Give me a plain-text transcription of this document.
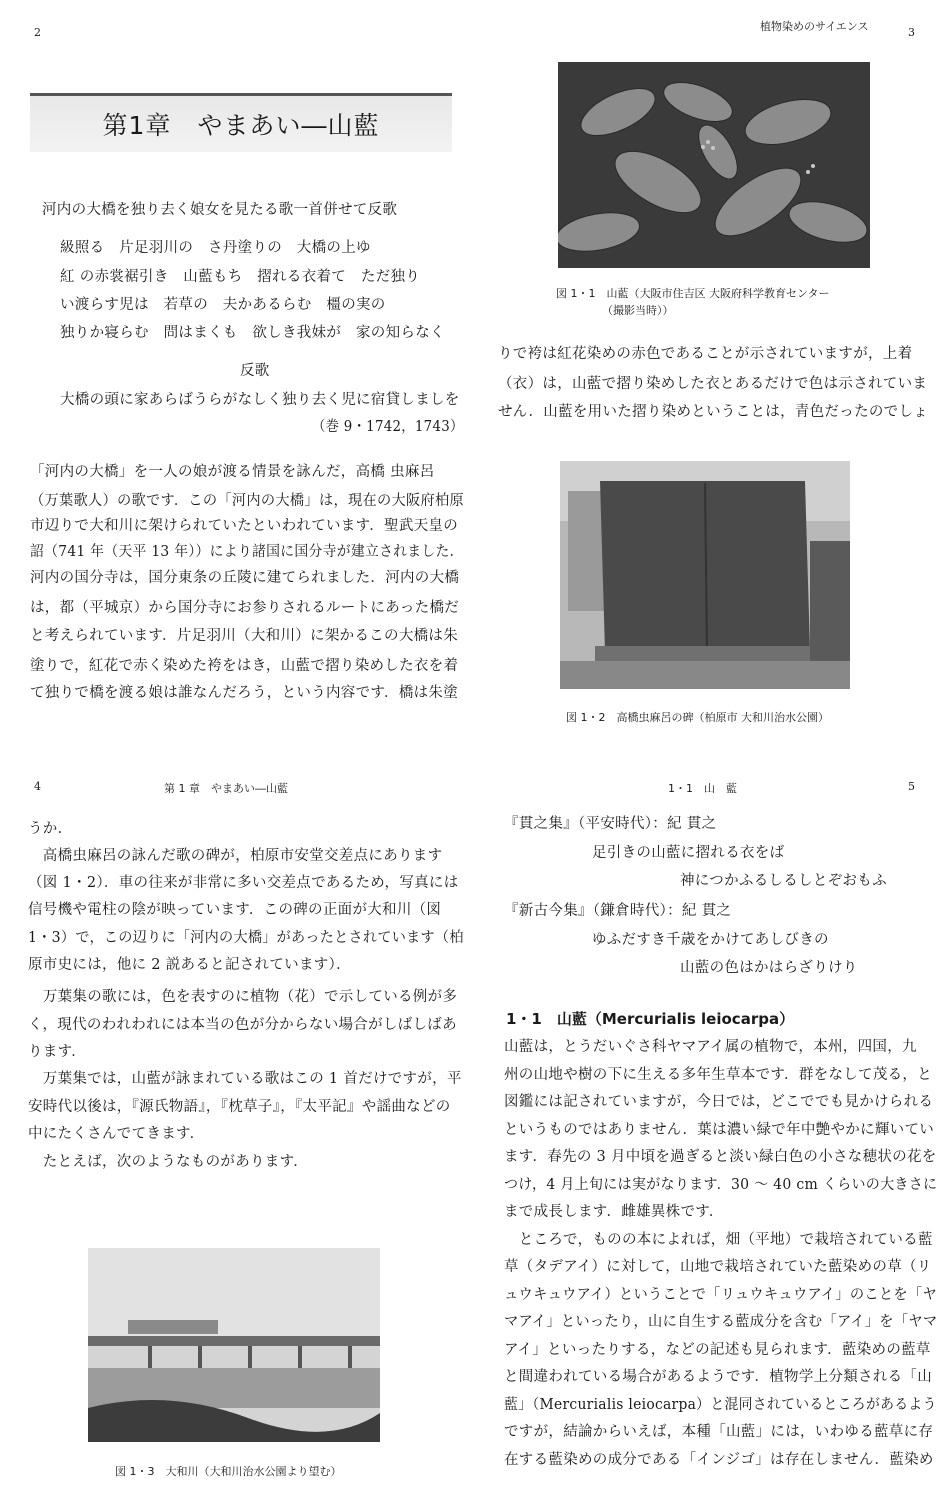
2
第1章　やまあい―山藍
河内の大橋を独り去く娘女を見たる歌一首併せて反歌
級照る　片足羽川の　さ丹塗りの　大橋の上ゆ
紅 の赤裳裾引き　山藍もち　摺れる衣着て　ただ独り
い渡らす児は　若草の　夫かあるらむ　橿の実の
独りか寝らむ　問はまくも　欲しき我妹が　家の知らなく
反歌
大橋の頭に家あらばうらがなしく独り去く児に宿貸しましを
（巻 9・1742，1743）
「河内の大橋」を一人の娘が渡る情景を詠んだ，高橋 虫麻呂
（万葉歌人）の歌です．この「河内の大橋」は，現在の大阪府柏原
市辺りで大和川に架けられていたといわれています．聖武天皇の
詔（741 年（天平 13 年））により諸国に国分寺が建立されました．
河内の国分寺は，国分東条の丘陵に建てられました．河内の大橋
は，都（平城京）から国分寺にお参りされるルートにあった橋だ
と考えられています．片足羽川（大和川）に架かるこの大橋は朱
塗りで，紅花で赤く染めた袴をはき，山藍で摺り染めした衣を着
て独りで橋を渡る娘は誰なんだろう，という内容です．橋は朱塗
植物染めのサイエンス	3
図 1・1　山藍（大阪市住吉区 大阪府科学教育センター
（撮影当時））
りで袴は紅花染めの赤色であることが示されていますが，上着
（衣）は，山藍で摺り染めした衣とあるだけで色は示されていま
せん．山藍を用いた摺り染めということは，青色だったのでしょ
図 1・2　高橋虫麻呂の碑（柏原市 大和川治水公園）
4	第 1 章　やまあい―山藍
うか．
　高橋虫麻呂の詠んだ歌の碑が，柏原市安堂交差点にあります
（図 1・2）．車の往来が非常に多い交差点であるため，写真には
信号機や電柱の陰が映っています．この碑の正面が大和川（図
1・3）で，この辺りに「河内の大橋」があったとされています（柏
原市史には，他に 2 説あると記されています）．
　万葉集の歌には，色を表すのに植物（花）で示している例が多
く，現代のわれわれには本当の色が分からない場合がしばしばあ
ります．
　万葉集では，山藍が詠まれている歌はこの 1 首だけですが，平
安時代以後は，『源氏物語』，『枕草子』，『太平記』や謡曲などの
中にたくさんでてきます．
　たとえば，次のようなものがあります．
図 1・3　大和川（大和川治水公園より望む）
1・1　山　藍	5
『貫之集』（平安時代）：紀 貫之
足引きの山藍に摺れる衣をば
神につかふるしるしとぞおもふ
『新古今集』（鎌倉時代）：紀 貫之
ゆふだすき千歳をかけてあしびきの
山藍の色はかはらざりけり
1・1　山藍（Mercurialis leiocarpa）
山藍は，とうだいぐさ科ヤマアイ属の植物で，本州，四国，九
州の山地や樹の下に生える多年生草本です．群をなして茂る，と
図鑑には記されていますが，今日では，どこででも見かけられる
というものではありません．葉は濃い緑で年中艶やかに輝いてい
ます．春先の 3 月中頃を過ぎると淡い緑白色の小さな穂状の花を
つけ，4 月上旬には実がなります．30 〜 40 cm くらいの大きさに
まで成長します．雌雄異株です．
　ところで，ものの本によれば，畑（平地）で栽培されている藍
草（タデアイ）に対して，山地で栽培されていた藍染めの草（リ
ュウキュウアイ）ということで「リュウキュウアイ」のことを「ヤ
マアイ」といったり，山に自生する藍成分を含む「アイ」を「ヤマ
アイ」といったりする，などの記述も見られます．藍染めの藍草
と間違われている場合があるようです．植物学上分類される「山
藍」（Mercurialis leiocarpa）と混同されているところがあるよう
ですが，結論からいえば，本種「山藍」には，いわゆる藍草に存
在する藍染めの成分である「インジゴ」は存在しません．藍染め
